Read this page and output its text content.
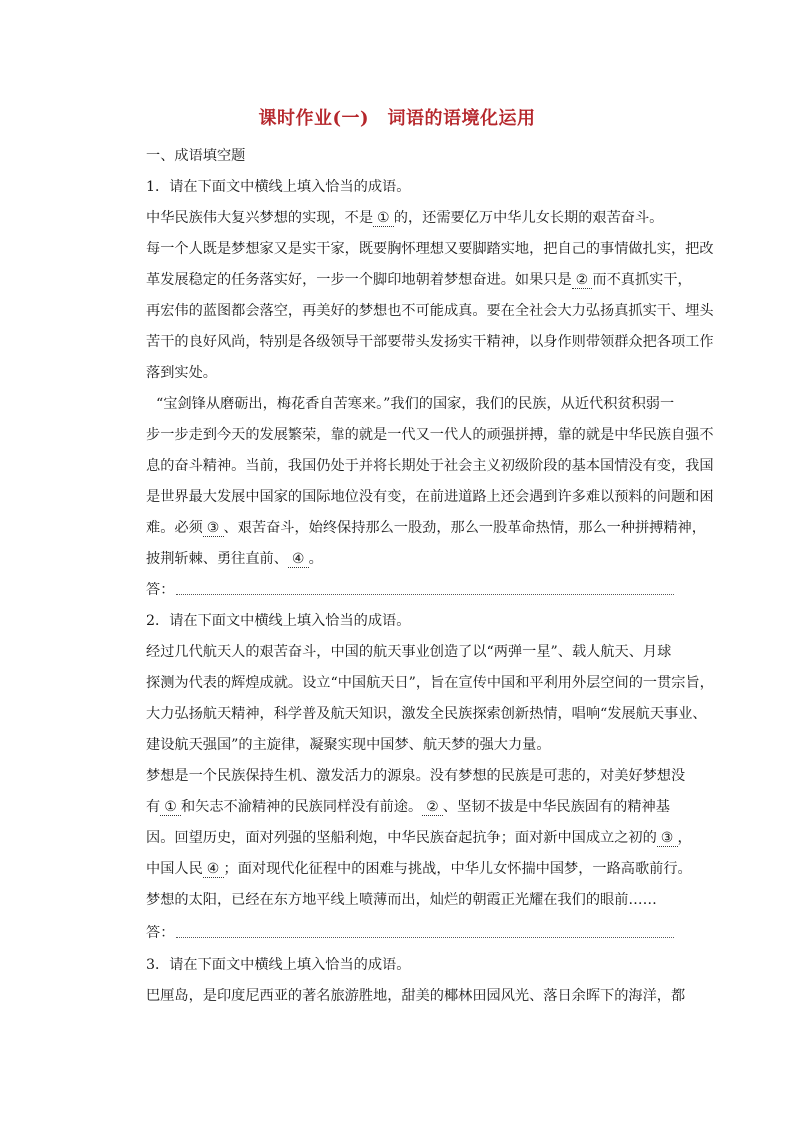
课时作业(一)　词语的语境化运用
一、成语填空题
1．请在下面文中横线上填入恰当的成语。
中华民族伟大复兴梦想的实现，不是 ① 的，还需要亿万中华儿女长期的艰苦奋斗。
每一个人既是梦想家又是实干家，既要胸怀理想又要脚踏实地，把自己的事情做扎实，把改
革发展稳定的任务落实好，一步一个脚印地朝着梦想奋进。如果只是 ② 而不真抓实干，
再宏伟的蓝图都会落空，再美好的梦想也不可能成真。要在全社会大力弘扬真抓实干、埋头
苦干的良好风尚，特别是各级领导干部要带头发扬实干精神，以身作则带领群众把各项工作
落到实处。
“宝剑锋从磨砺出，梅花香自苦寒来。”我们的国家，我们的民族，从近代积贫积弱一
步一步走到今天的发展繁荣，靠的就是一代又一代人的顽强拼搏，靠的就是中华民族自强不
息的奋斗精神。当前，我国仍处于并将长期处于社会主义初级阶段的基本国情没有变，我国
是世界最大发展中国家的国际地位没有变，在前进道路上还会遇到许多难以预料的问题和困
难。必须 ③ 、艰苦奋斗，始终保持那么一股劲，那么一股革命热情，那么一种拼搏精神，
披荆斩棘、勇往直前、 ④ 。
答：
2．请在下面文中横线上填入恰当的成语。
经过几代航天人的艰苦奋斗，中国的航天事业创造了以“两弹一星”、载人航天、月球
探测为代表的辉煌成就。设立“中国航天日”，旨在宣传中国和平利用外层空间的一贯宗旨，
大力弘扬航天精神，科学普及航天知识，激发全民族探索创新热情，唱响“发展航天事业、
建设航天强国”的主旋律，凝聚实现中国梦、航天梦的强大力量。
梦想是一个民族保持生机、激发活力的源泉。没有梦想的民族是可悲的，对美好梦想没
有 ① 和矢志不渝精神的民族同样没有前途。 ② 、坚韧不拔是中华民族固有的精神基
因。回望历史，面对列强的坚船利炮，中华民族奋起抗争；面对新中国成立之初的 ③ ，
中国人民 ④ ；面对现代化征程中的困难与挑战，中华儿女怀揣中国梦，一路高歌前行。
梦想的太阳，已经在东方地平线上喷薄而出，灿烂的朝霞正光耀在我们的眼前……
答：
3．请在下面文中横线上填入恰当的成语。
巴厘岛，是印度尼西亚的著名旅游胜地，甜美的椰林田园风光、落日余晖下的海洋，都
